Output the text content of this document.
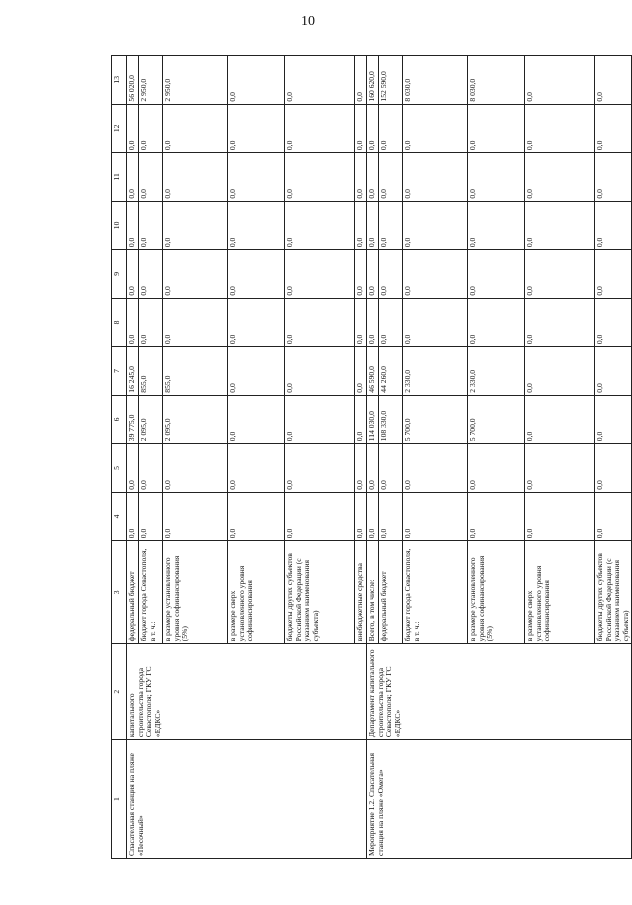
10
1	2	3	4	5	6	7	8	9	10	11	12	13
Спасательная станция на пляже «Песочный»	капитального строительства города Севастополя; ГКУ ГС «ЕДКС»	федеральный бюджет	0,0	0,0	39 775,0	16 245,0	0,0	0,0	0,0	0,0	0,0	56 020,0
		бюджет города Севастополя, в т. ч.:	0,0	0,0	2 095,0	855,0	0,0	0,0	0,0	0,0	0,0	2 950,0
		в размере установленного уровня софинансирования (5%)	0,0	0,0	2 095,0	855,0	0,0	0,0	0,0	0,0	0,0	2 950,0
		в размере сверх установленного уровня софинансирования	0,0	0,0	0,0	0,0	0,0	0,0	0,0	0,0	0,0	0,0
		бюджеты других субъектов Российской Федерации (с указанием наименования субъекта)	0,0	0,0	0,0	0,0	0,0	0,0	0,0	0,0	0,0	0,0
		внебюджетные средства	0,0	0,0	0,0	0,0	0,0	0,0	0,0	0,0	0,0	0,0
Мероприятие 1.2. Спасательная станция на пляже «Омега»	Департамент капитального строительства города Севастополя; ГКУ ГС «ЕДКС»	Всего, в том числе:	0,0	0,0	114 030,0	46 590,0	0,0	0,0	0,0	0,0	0,0	160 620,0
		федеральный бюджет	0,0	0,0	108 330,0	44 260,0	0,0	0,0	0,0	0,0	0,0	152 590,0
		бюджет города Севастополя, в т. ч.:	0,0	0,0	5 700,0	2 330,0	0,0	0,0	0,0	0,0	0,0	8 030,0
		в размере установленного уровня софинансирования (5%)	0,0	0,0	5 700,0	2 330,0	0,0	0,0	0,0	0,0	0,0	8 030,0
		в размере сверх установленного уровня софинансирования	0,0	0,0	0,0	0,0	0,0	0,0	0,0	0,0	0,0	0,0
		бюджеты других субъектов Российской Федерации (с указанием наименования субъекта)	0,0	0,0	0,0	0,0	0,0	0,0	0,0	0,0	0,0	0,0
